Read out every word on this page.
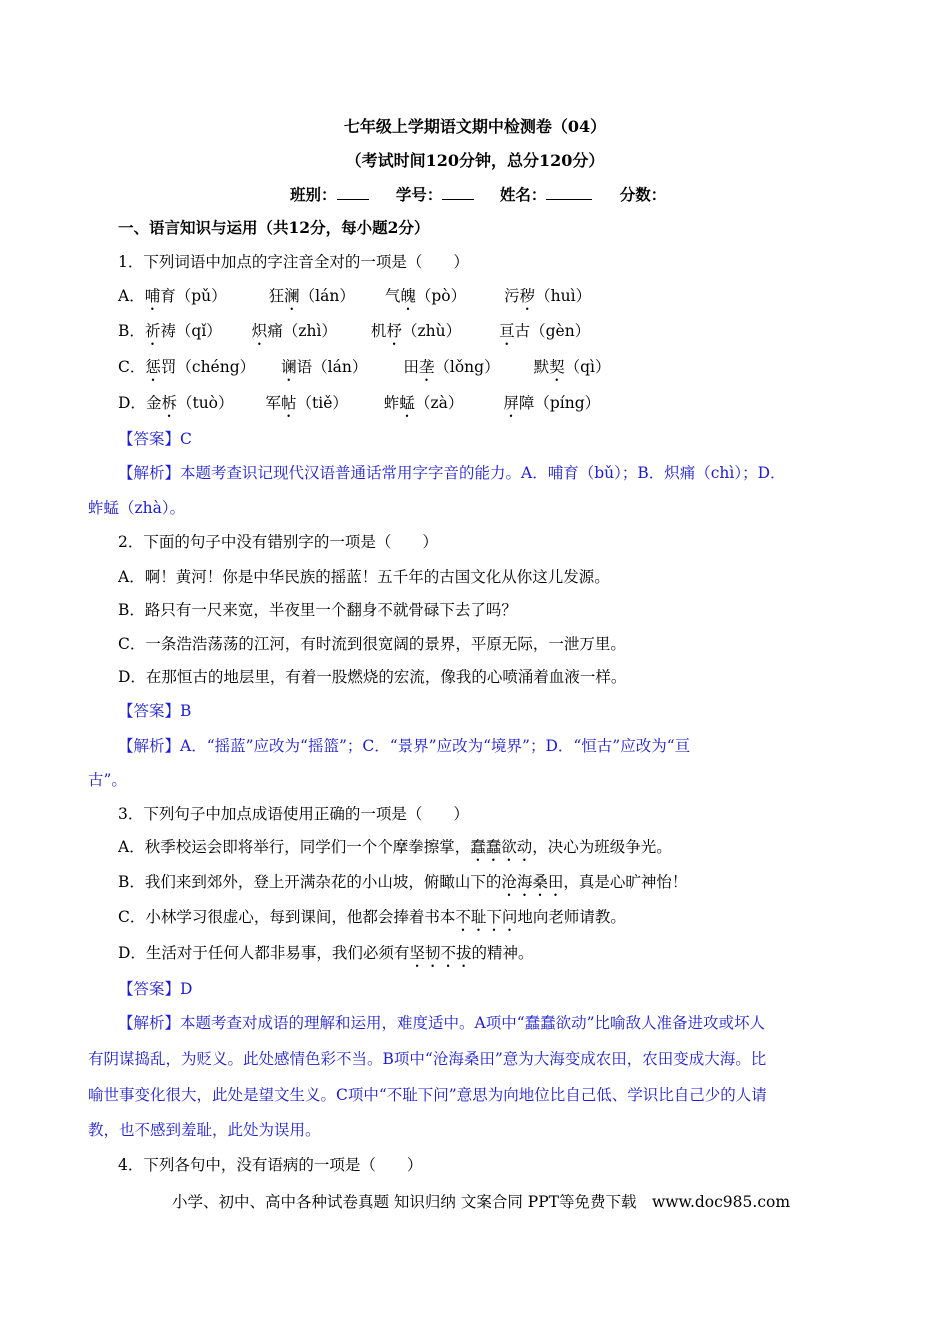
七年级上学期语文期中检测卷（04）
（考试时间120分钟，总分120分）
班别：	学号：	姓名：	分数：
一、语言知识与运用（共12分，每小题2分）
1．下列词语中加点的字注音全对的一项是（　　）
A．哺育（pǔ）	狂澜（lán） 气魄（pò） 污秽（huì）
B．祈祷（qǐ） 炽痛（zhì） 机杼（zhù） 亘古（gèn）
C．惩罚（chéng） 谰语（lán） 田垄（lǒng） 默契（qì）
D．金柝（tuò） 军帖（tiě） 蚱蜢（zà）	屏障（píng）
【答案】C
【解析】本题考查识记现代汉语普通话常用字字音的能力。A．哺育（bǔ）；B．炽痛（chì）；D．
蚱蜢（zhà）。
2．下面的句子中没有错别字的一项是（　　）
A．啊！黄河！你是中华民族的摇蓝！五千年的古国文化从你这儿发源。
B．路只有一尺来宽，半夜里一个翻身不就骨碌下去了吗？
C．一条浩浩荡荡的江河，有时流到很宽阔的景界，平原无际，一泄万里。
D．在那恒古的地层里，有着一股燃烧的宏流，像我的心喷涌着血液一样。
【答案】B
【解析】A．“摇蓝”应改为“摇篮”；C．“景界”应改为“境界”；D．“恒古”应改为“亘
古”。
3．下列句子中加点成语使用正确的一项是（　　）
A．秋季校运会即将举行，同学们一个个摩拳擦掌，蠢蠢欲动，决心为班级争光。
B．我们来到郊外，登上开满杂花的小山坡，俯瞰山下的沧海桑田，真是心旷神怡！
C．小林学习很虚心，每到课间，他都会捧着书本不耻下问地向老师请教。
D．生活对于任何人都非易事，我们必须有坚韧不拔的精神。
【答案】D
【解析】本题考查对成语的理解和运用，难度适中。A项中“蠢蠢欲动”比喻敌人准备进攻或坏人
有阴谋捣乱，为贬义。此处感情色彩不当。B项中“沧海桑田”意为大海变成农田，农田变成大海。比
喻世事变化很大，此处是望文生义。C项中“不耻下问”意思为向地位比自己低、学识比自己少的人请
教，也不感到羞耻，此处为误用。
4．下列各句中，没有语病的一项是（　　）
小学、初中、高中各种试卷真题 知识归纳 文案合同 PPT等免费下载　www.doc985.com
